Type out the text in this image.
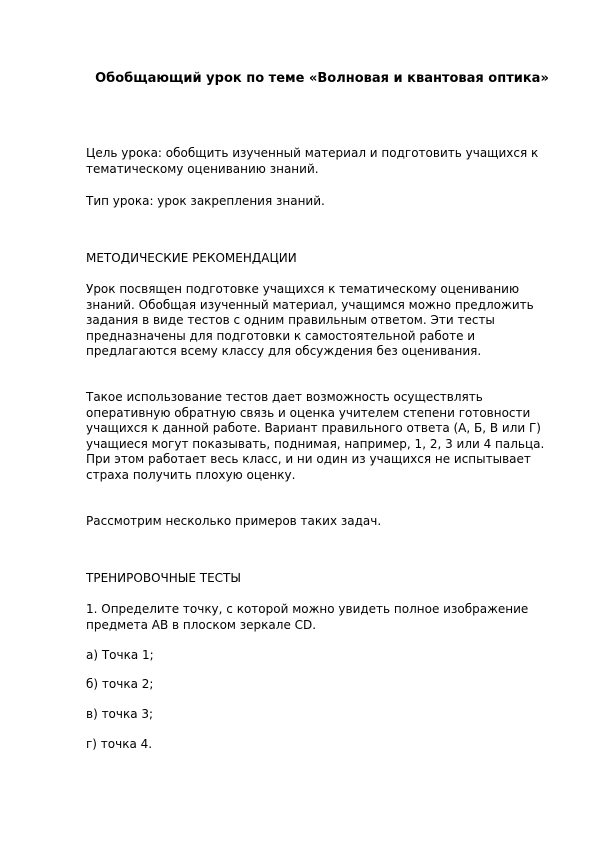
Обобщающий урок по теме «Волновая и квантовая оптика»

Цель урока: обобщить изученный материал и подготовить учащихся к тематическому оцениванию знаний.

Тип урока: урок закрепления знаний.

МЕТОДИЧЕСКИЕ РЕКОМЕНДАЦИИ

Урок посвящен подготовке учащихся к тематическому оцениванию знаний. Обобщая изученный материал, учащимся можно предложить задания в виде тестов с одним правильным ответом. Эти тесты предназначены для подготовки к самостоятельной работе и предлагаются всему классу для обсуждения без оценивания.

Такое использование тестов дает возможность осуществлять оперативную обратную связь и оценка учителем степени готовности учащихся к данной работе. Вариант правильного ответа (А, Б, В или Г) учащиеся могут показывать, поднимая, например, 1, 2, 3 или 4 пальца. При этом работает весь класс, и ни один из учащихся не испытывает страха получить плохую оценку.

Рассмотрим несколько примеров таких задач.

ТРЕНИРОВОЧНЫЕ ТЕСТЫ

1. Определите точку, с которой можно увидеть полное изображение предмета АВ в плоском зеркале CD.

а) Точка 1;

б) точка 2;

в) точка 3;

г) точка 4.
